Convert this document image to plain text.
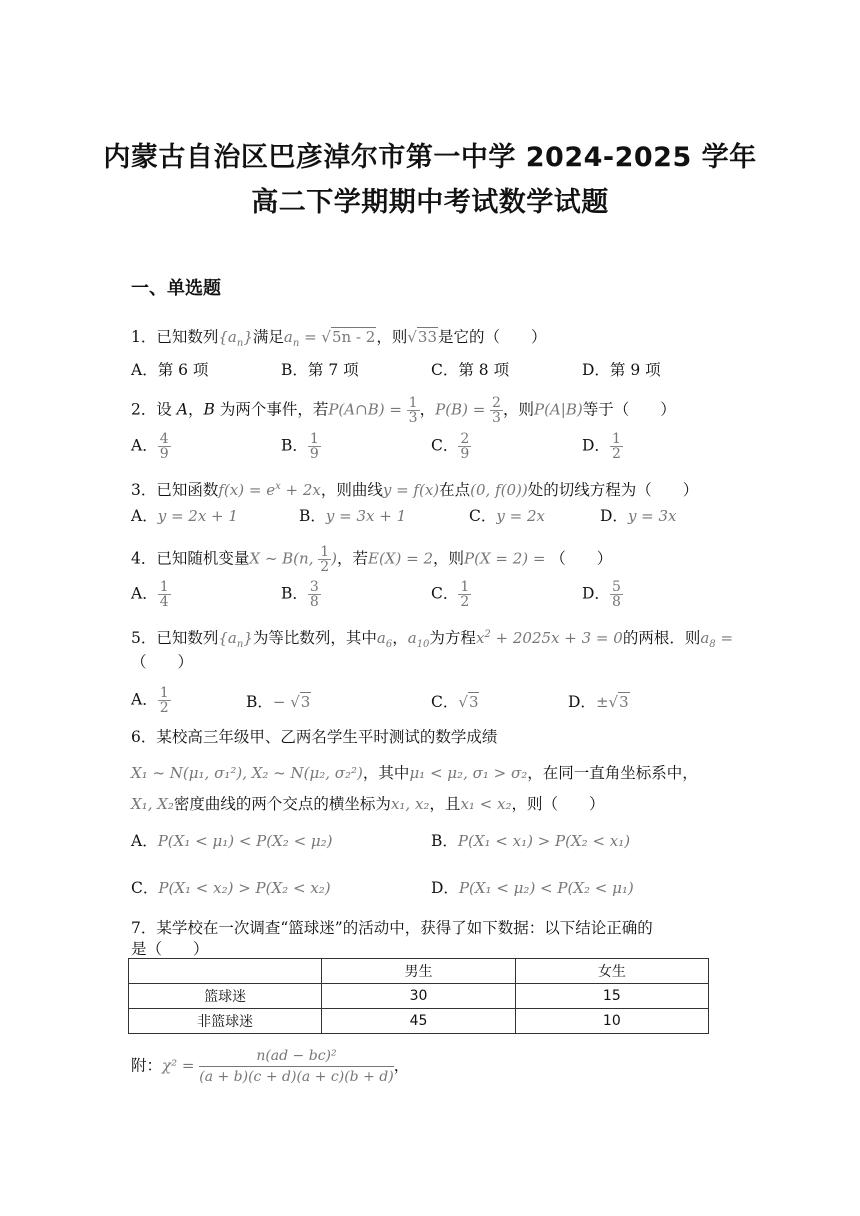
内蒙古自治区巴彦淖尔市第一中学 2024-2025 学年
高二下学期期中考试数学试题
一、单选题
1．已知数列$\{a_n\}$满足$a_n = √5n - 2$，则√33是它的（　　）
A．第 6 项	B．第 7 项	C．第 8 项	D．第 9 项
2．设 A，B 为两个事件，若P(A∩B) = $\frac{1}{3}$ ，$P(B) = \frac{2}{3}$ ，则P(A|B)等于（　　）
A． $\frac{4}{9}$	B． $\frac{1}{9}$	C． $\frac{2}{9}$	D． $\frac{1}{2}$
3．已知函数$f(x) = e^x + 2x$，则曲线y = f(x)在点(0, f(0))处的切线方程为（　　）
A．y = 2x + 1	B．y = 3x + 1	C．y = 2x	D．y = 3x
4．已知随机变量X ~ B(n, $\frac{1}{2}$ )，若E(X) = 2，则P(X = 2) = （　　）
A． $\frac{1}{4}$	B． $\frac{3}{8}$	C． $\frac{1}{2}$	D． $\frac{5}{8}$
5．已知数列$\{a_n\}$为等比数列，其中$a_6$，$a_{10}$为方程$x^2 + 2025x + 3 = 0$的两根．则$a_8$ =
（　　）
A． $\frac{1}{2}$	B．− √3	C．√3	D．±√3
6．某校高三年级甲、乙两名学生平时测试的数学成绩
X₁ ~ N(μ₁, σ₁²), X₂ ~ N(μ₂, σ₂²)，其中μ₁ < μ₂, σ₁ > σ₂，在同一直角坐标系中，
X₁, X₂密度曲线的两个交点的横坐标为x₁, x₂，且x₁ < x₂，则（　　）
A．P(X₁ < μ₁) < P(X₂ < μ₂)	B．P(X₁ < x₁) > P(X₂ < x₁)
C．P(X₁ < x₂) > P(X₂ < x₂)	D．P(X₁ < μ₂) < P(X₂ < μ₁)
7．某学校在一次调查“篮球迷”的活动中，获得了如下数据：以下结论正确的
是（　　）
	男生	女生
篮球迷	30	15
非篮球迷	45	10
附：$\chi^2 = \frac{\text{n(ad − bc)²}}{(a + b)(c + d)(a + c)(b + d)}$ ，
